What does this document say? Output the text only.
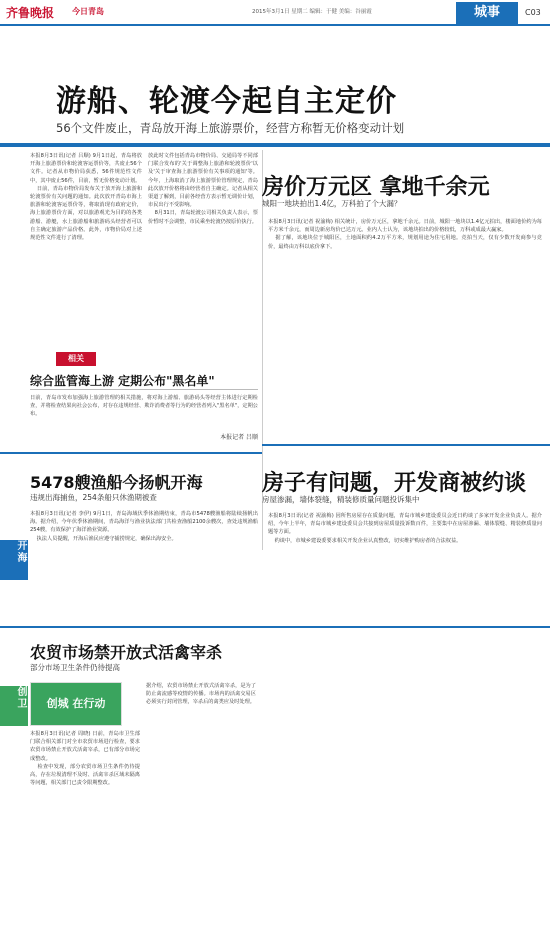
齐鲁晚报 今日青岛	2015年3月1日 星期二 编辑：于健 美编：谷丽霞	城事	C03
游船、轮渡今起自主定价
56个文件废止，青岛放开海上旅游票价，经营方称暂无价格变动计划
本报8月3日讯(记者 吕顺) 9月1日起，青岛将放开海上旅游票价和轮渡客运票价等，共废止56个文件。记者从市物价局获悉，56件规范性文件中，其中废止56件，目前，暂无价格变动计划。
日前，青岛市物价局发布关于放开海上旅游和轮渡票价有关问题的通知。此次放开青岛市海上旅游和轮渡客运票价等，将取消现有政府定价，海上旅游票价方面，对以旅游观光为目的的各类游船、游艇，水上旅游船和旅游码头经营者可以自主确定旅游产品价格。此外，市物价局对上述规范性文件进行了清理。
放此时文件包括青岛市物价局、交通局等不同部门联合发布的'关于调整海上旅游和轮渡票价'以及'关于审查海上旅游票价有关事项的通知'等。今年，上海取消了海上旅游票价管理规定，青岛此次放开价格将由经营者自主确定。记者从相关渠道了解到，目前各经营方表示暂无调价计划，市民出行不受影响。
8月31日，青岛轮渡公司相关负责人表示，票价暂时不会调整，市民乘坐轮渡仍按原价执行。
相关
综合监管海上游 定期公布"黑名单"
日前，青岛市发布加强海上旅游管理的相关措施，将对海上游船、旅游码头等经营主体进行定期检查，并将检查结果向社会公布，对存在违规经营、欺诈消费者等行为的经营者列入"黑名单"，定期公布。
本报记者 吕顺
5478艘渔船今扬帆开海
违规出海捕鱼，254条船只休渔期被查
开海
本报8月3日讯(记者 李伊) 9月1日，青岛海域伏季休渔期结束，青岛市5478艘渔船将陆续扬帆出海。据介绍，今年伏季休渔期间，青岛海洋与渔业执法部门共检查渔船2100余艘次，查处违规渔船254艘，有效保护了海洋渔业资源。
执法人员提醒，开海后渔民应遵守捕捞规定，确保出海安全。
房价万元区 拿地千余元
城阳一地块拍出1.4亿，万科拍了个大漏？
本报8月3日讯(记者 祝渝梅) 相关统计，房价万元区，拿地千余元。日前，城阳一地块以1.4亿元拍出，楼面地价约为每平方米千余元，而周边新房均价已达万元。业内人士认为，该地块拍出的价格较低，万科或成最大赢家。
据了解，该地块位于城阳区，土地面积约4.2万平方米，规划用途为住宅用地。竞拍当天，仅有少数开发商参与竞价，最终由万科以底价拿下。
房子有问题，开发商被约谈
房屋渗漏，墙体裂缝，精装修质量问题投诉集中
本报8月3日讯(记者 祝渝梅) 因所售房屋存在质量问题，青岛市城乡建设委员会近日约谈了多家开发企业负责人。据介绍，今年上半年，青岛市城乡建设委员会共接到房屋质量投诉数百件，主要集中在房屋渗漏、墙体裂缝、精装修质量问题等方面。
约谈中，市城乡建设委要求相关开发企业认真整改，切实维护购房者的合法权益。
农贸市场禁开放式活禽宰杀
部分市场卫生条件仍待提高
创卫	创城 在行动
本报8月3日讯(记者 周晓) 日前，青岛市卫生部门联合相关部门对全市农贸市场进行检查，要求农贸市场禁止开放式活禽宰杀，已有部分市场完成整改。
检查中发现，部分农贸市场卫生条件仍待提高，存在垃圾清理不及时、活禽宰杀区域未隔离等问题，相关部门已责令限期整改。
据介绍，农贸市场禁止开放式活禽宰杀，是为了防止禽流感等疫情的传播。市场内的活禽交易区必须实行封闭管理，宰杀后的禽类应及时处理。
